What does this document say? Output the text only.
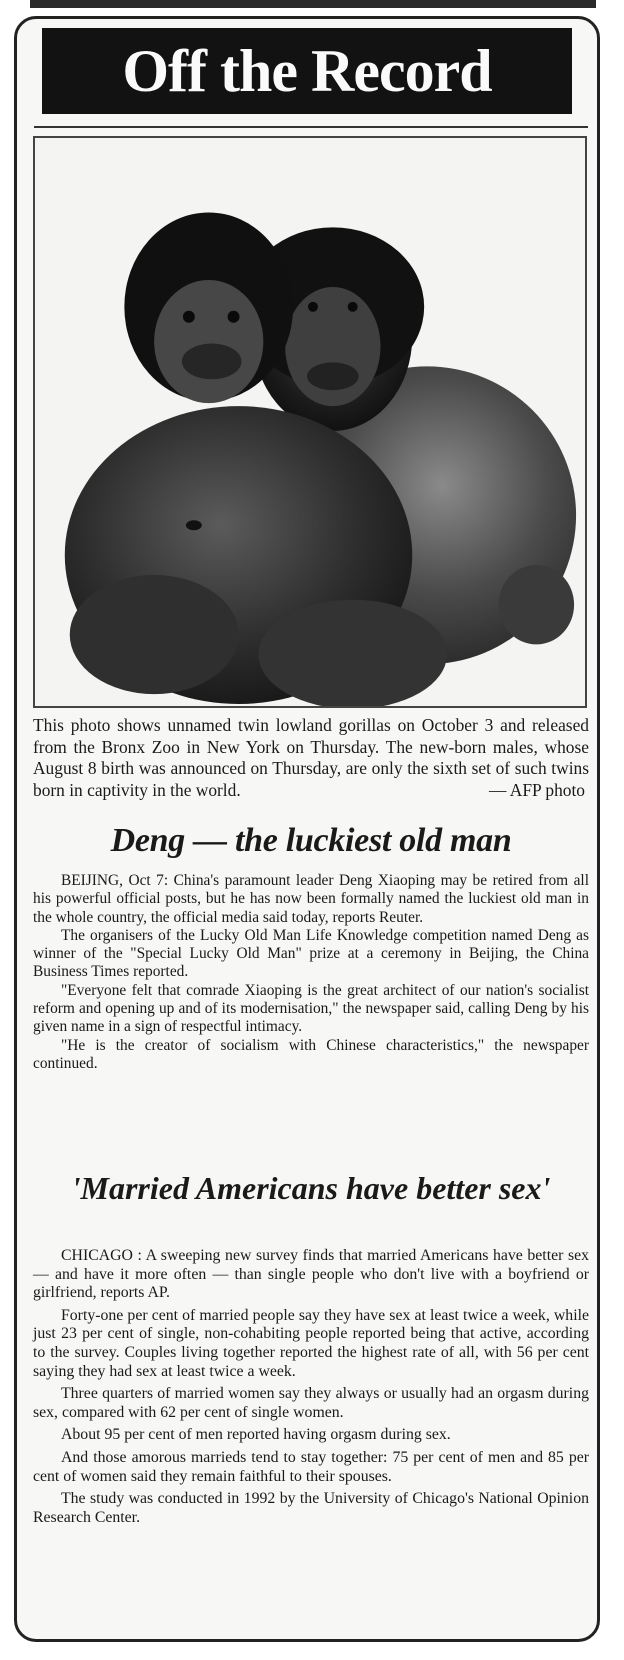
Off the Record
This photo shows unnamed twin lowland gorillas on October 3 and released from the Bronx Zoo in New York on Thursday. The new-born males, whose August 8 birth was announced on Thursday, are only the sixth set of such twins born in captivity in the world.	— AFP photo
Deng — the luckiest old man

BEIJING, Oct 7: China's paramount leader Deng Xiaoping may be retired from all his powerful official posts, but he has now been formally named the luckiest old man in the whole country, the official media said today, reports Reuter.

The organisers of the Lucky Old Man Life Knowledge competition named Deng as winner of the "Special Lucky Old Man" prize at a ceremony in Beijing, the China Business Times reported.

"Everyone felt that comrade Xiaoping is the great architect of our nation's socialist reform and opening up and of its modernisation," the newspaper said, calling Deng by his given name in a sign of respectful intimacy.

"He is the creator of socialism with Chinese characteristics," the newspaper continued.

'Married Americans have better sex'

CHICAGO : A sweeping new survey finds that married Americans have better sex — and have it more often — than single people who don't live with a boyfriend or girlfriend, reports AP.

Forty-one per cent of married people say they have sex at least twice a week, while just 23 per cent of single, non-cohabiting people reported being that active, according to the survey. Couples living together reported the highest rate of all, with 56 per cent saying they had sex at least twice a week.

Three quarters of married women say they always or usually had an orgasm during sex, compared with 62 per cent of single women.

About 95 per cent of men reported having orgasm during sex.

And those amorous marrieds tend to stay together: 75 per cent of men and 85 per cent of women said they remain faithful to their spouses.

The study was conducted in 1992 by the University of Chicago's National Opinion Research Center.
